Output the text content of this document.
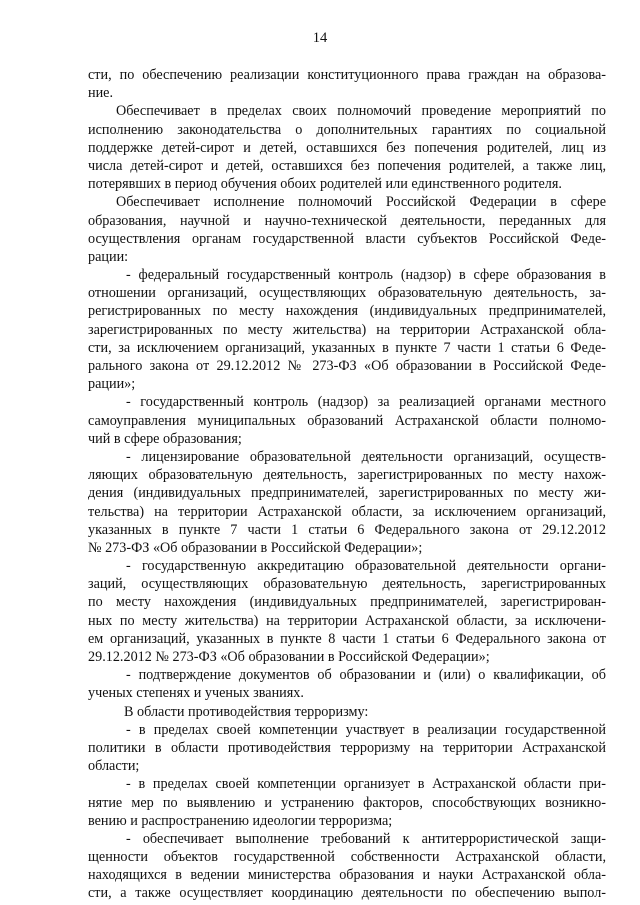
14
сти, по обеспечению реализации конституционного права граждан на образова-
ние.
Обеспечивает в пределах своих полномочий проведение мероприятий по
исполнению законодательства о дополнительных гарантиях по социальной
поддержке детей-сирот и детей, оставшихся без попечения родителей, лиц из
числа детей-сирот и детей, оставшихся без попечения родителей, а также лиц,
потерявших в период обучения обоих родителей или единственного родителя.
Обеспечивает исполнение полномочий Российской Федерации в сфере
образования, научной и научно-технической деятельности, переданных для
осуществления органам государственной власти субъектов Российской Феде-
рации:
- федеральный государственный контроль (надзор) в сфере образования в
отношении организаций, осуществляющих образовательную деятельность, за-
регистрированных по месту нахождения (индивидуальных предпринимателей,
зарегистрированных по месту жительства) на территории Астраханской обла-
сти, за исключением организаций, указанных в пункте 7 части 1 статьи 6 Феде-
рального закона от 29.12.2012 № 273-ФЗ «Об образовании в Российской Феде-
рации»;
- государственный контроль (надзор) за реализацией органами местного
самоуправления муниципальных образований Астраханской области полномо-
чий в сфере образования;
- лицензирование образовательной деятельности организаций, осуществ-
ляющих образовательную деятельность, зарегистрированных по месту нахож-
дения (индивидуальных предпринимателей, зарегистрированных по месту жи-
тельства) на территории Астраханской области, за исключением организаций,
указанных в пункте 7 части 1 статьи 6 Федерального закона от 29.12.2012
№ 273-ФЗ «Об образовании в Российской Федерации»;
- государственную аккредитацию образовательной деятельности органи-
заций, осуществляющих образовательную деятельность, зарегистрированных
по месту нахождения (индивидуальных предпринимателей, зарегистрирован-
ных по месту жительства) на территории Астраханской области, за исключени-
ем организаций, указанных в пункте 8 части 1 статьи 6 Федерального закона от
29.12.2012 № 273-ФЗ «Об образовании в Российской Федерации»;
- подтверждение документов об образовании и (или) о квалификации, об
ученых степенях и ученых званиях.
В области противодействия терроризму:
- в пределах своей компетенции участвует в реализации государственной
политики в области противодействия терроризму на территории Астраханской
области;
- в пределах своей компетенции организует в Астраханской области при-
нятие мер по выявлению и устранению факторов, способствующих возникно-
вению и распространению идеологии терроризма;
- обеспечивает выполнение требований к антитеррористической защи-
щенности объектов государственной собственности Астраханской области,
находящихся в ведении министерства образования и науки Астраханской обла-
сти, а также осуществляет координацию деятельности по обеспечению выпол-
